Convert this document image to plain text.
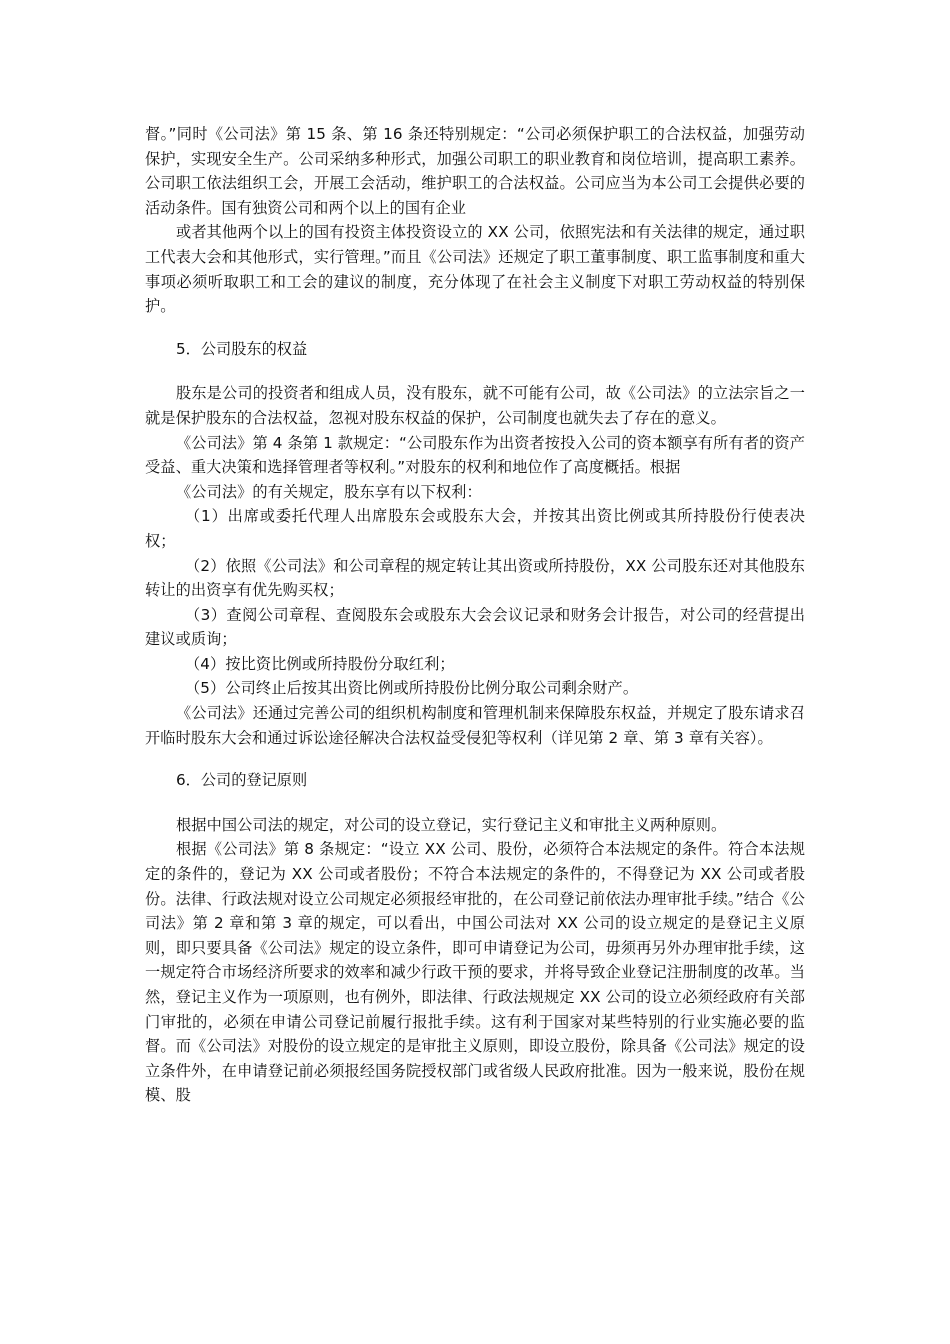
督。”同时《公司法》第 15 条、第 16 条还特别规定：“公司必须保护职工的合法权益，加强劳动保护，实现安全生产。公司采纳多种形式，加强公司职工的职业教育和岗位培训，提高职工素养。公司职工依法组织工会，开展工会活动，维护职工的合法权益。公司应当为本公司工会提供必要的活动条件。国有独资公司和两个以上的国有企业

或者其他两个以上的国有投资主体投资设立的 XX 公司，依照宪法和有关法律的规定，通过职工代表大会和其他形式，实行管理。”而且《公司法》还规定了职工董事制度、职工监事制度和重大事项必须听取职工和工会的建议的制度，充分体现了在社会主义制度下对职工劳动权益的特别保护。

5．公司股东的权益

股东是公司的投资者和组成人员，没有股东，就不可能有公司，故《公司法》的立法宗旨之一就是保护股东的合法权益，忽视对股东权益的保护，公司制度也就失去了存在的意义。

《公司法》第 4 条第 1 款规定：“公司股东作为出资者按投入公司的资本额享有所有者的资产受益、重大决策和选择管理者等权利。”对股东的权利和地位作了高度概括。根据

《公司法》的有关规定，股东享有以下权利：

（1）出席或委托代理人出席股东会或股东大会，并按其出资比例或其所持股份行使表决权；

（2）依照《公司法》和公司章程的规定转让其出资或所持股份，XX 公司股东还对其他股东转让的出资享有优先购买权；

（3）查阅公司章程、查阅股东会或股东大会会议记录和财务会计报告，对公司的经营提出建议或质询；

（4）按比资比例或所持股份分取红利；

（5）公司终止后按其出资比例或所持股份比例分取公司剩余财产。

《公司法》还通过完善公司的组织机构制度和管理机制来保障股东权益，并规定了股东请求召开临时股东大会和通过诉讼途径解决合法权益受侵犯等权利（详见第 2 章、第 3 章有关容）。

6．公司的登记原则

根据中国公司法的规定，对公司的设立登记，实行登记主义和审批主义两种原则。

根据《公司法》第 8 条规定：“设立 XX 公司、股份，必须符合本法规定的条件。符合本法规定的条件的，登记为 XX 公司或者股份；不符合本法规定的条件的，不得登记为 XX 公司或者股份。法律、行政法规对设立公司规定必须报经审批的，在公司登记前依法办理审批手续。”结合《公司法》第 2 章和第 3 章的规定，可以看出，中国公司法对 XX 公司的设立规定的是登记主义原则，即只要具备《公司法》规定的设立条件，即可申请登记为公司，毋须再另外办理审批手续，这一规定符合市场经济所要求的效率和减少行政干预的要求，并将导致企业登记注册制度的改革。当然，登记主义作为一项原则，也有例外，即法律、行政法规规定 XX 公司的设立必须经政府有关部门审批的，必须在申请公司登记前履行报批手续。这有利于国家对某些特别的行业实施必要的监督。而《公司法》对股份的设立规定的是审批主义原则，即设立股份，除具备《公司法》规定的设立条件外，在申请登记前必须报经国务院授权部门或省级人民政府批准。因为一般来说，股份在规模、股
